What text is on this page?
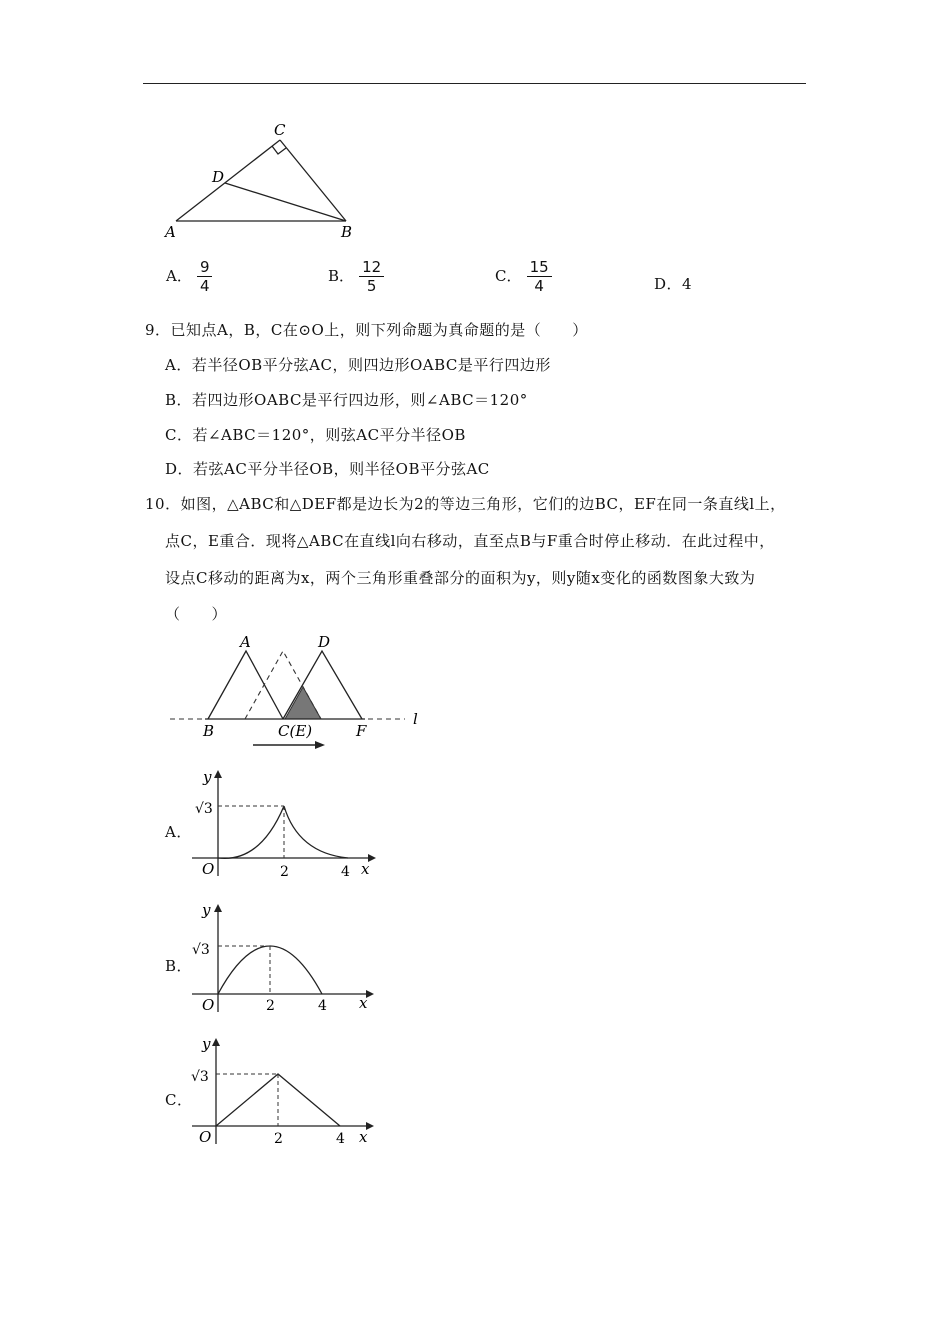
C
D
A	B
A． $\frac{9}{4}$	B． $\frac{12}{5}$	C． $\frac{15}{4}$	D．4
9．已知点A，B，C在⊙O上，则下列命题为真命题的是（　　）
A．若半径OB平分弦AC，则四边形OABC是平行四边形
B．若四边形OABC是平行四边形，则∠ABC＝120°
C．若∠ABC＝120°，则弦AC平分半径OB
D．若弦AC平分半径OB，则半径OB平分弦AC
10．如图，△ABC和△DEF都是边长为2的等边三角形，它们的边BC，EF在同一条直线l上，
点C，E重合．现将△ABC在直线l向右移动，直至点B与F重合时停止移动．在此过程中，
设点C移动的距离为x，两个三角形重叠部分的面积为y，则y随x变化的函数图象大致为
（　　）
A	D
B	C(E)	F
l
A．
y
√3
O	2	4 x
B．
y
√3
O	2	4 x
C．
y
√3
O	2	4 x
